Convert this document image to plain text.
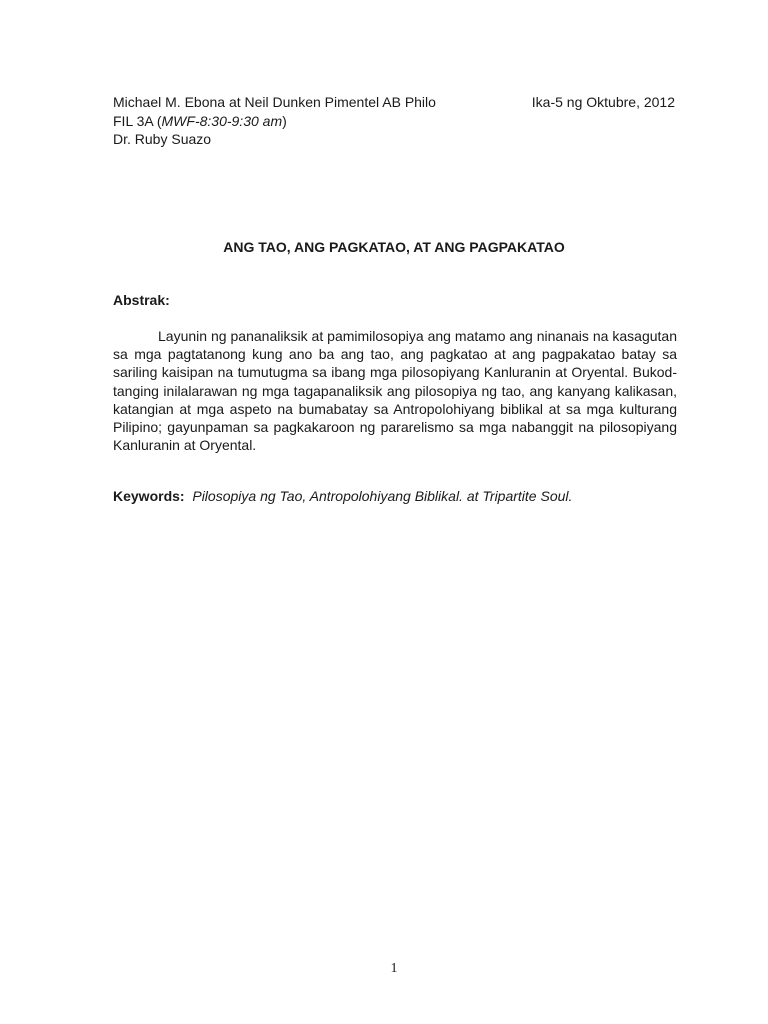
Michael M. Ebona at Neil Dunken Pimentel AB Philo	Ika-5 ng Oktubre, 2012
FIL 3A (MWF-8:30-9:30 am)
Dr. Ruby Suazo
ANG TAO, ANG PAGKATAO, AT ANG PAGPAKATAO
Abstrak:

Layunin ng pananaliksik at pamimilosopiya ang matamo ang ninanais na kasagutan sa mga pagtatanong kung ano ba ang tao, ang pagkatao at ang pagpakatao batay sa sariling kaisipan na tumutugma sa ibang mga pilosopiyang Kanluranin at Oryental. Bukod-tanging inilalarawan ng mga tagapanaliksik ang pilosopiya ng tao, ang kanyang kalikasan, katangian at mga aspeto na bumabatay sa Antropolohiyang biblikal at sa mga kulturang Pilipino; gayunpaman sa pagkakaroon ng pararelismo sa mga nabanggit na pilosopiyang Kanluranin at Oryental.

Keywords: Pilosopiya ng Tao, Antropolohiyang Biblikal. at Tripartite Soul.
1
